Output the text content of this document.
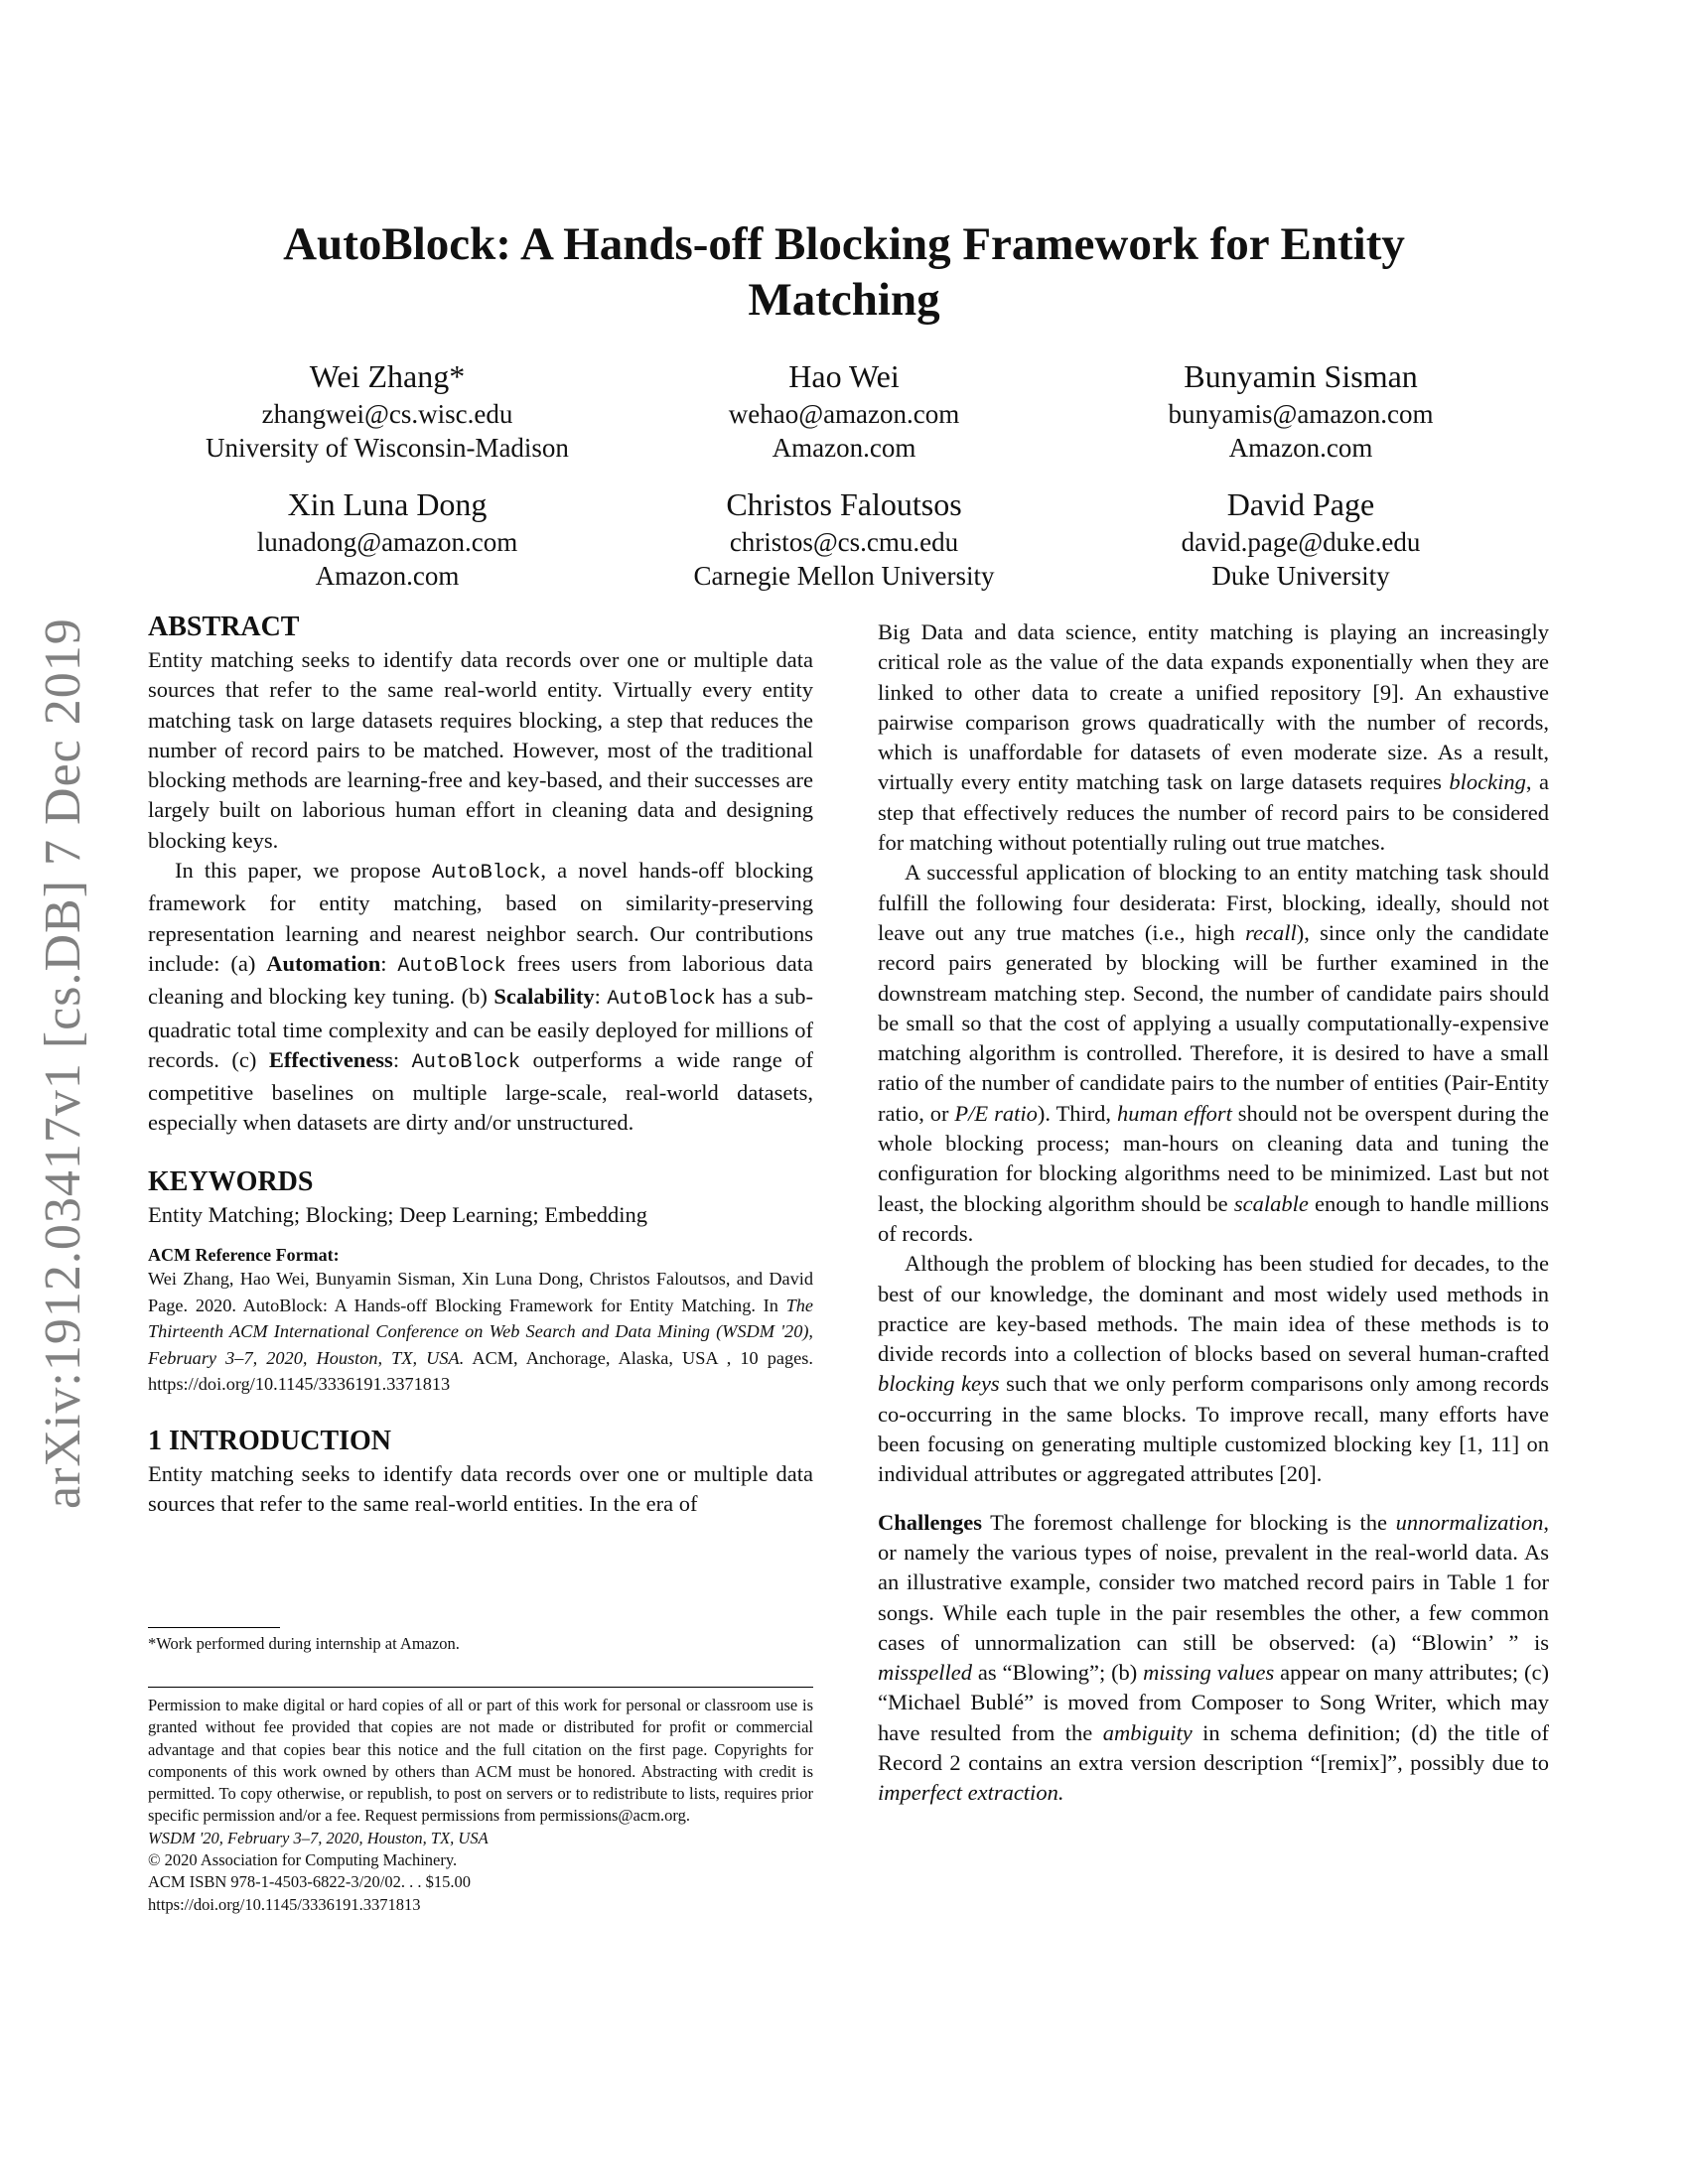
arXiv:1912.03417v1 [cs.DB] 7 Dec 2019
AutoBlock: A Hands-off Blocking Framework for Entity Matching
Wei Zhang*
zhangwei@cs.wisc.edu
University of Wisconsin-Madison
Hao Wei
wehao@amazon.com
Amazon.com
Bunyamin Sisman
bunyamis@amazon.com
Amazon.com
Xin Luna Dong
lunadong@amazon.com
Amazon.com
Christos Faloutsos
christos@cs.cmu.edu
Carnegie Mellon University
David Page
david.page@duke.edu
Duke University
ABSTRACT

Entity matching seeks to identify data records over one or multiple data sources that refer to the same real-world entity. Virtually every entity matching task on large datasets requires blocking, a step that reduces the number of record pairs to be matched. However, most of the traditional blocking methods are learning-free and key-based, and their successes are largely built on laborious human effort in cleaning data and designing blocking keys.

In this paper, we propose AutoBlock, a novel hands-off blocking framework for entity matching, based on similarity-preserving representation learning and nearest neighbor search. Our contributions include: (a) Automation: AutoBlock frees users from laborious data cleaning and blocking key tuning. (b) Scalability: AutoBlock has a sub-quadratic total time complexity and can be easily deployed for millions of records. (c) Effectiveness: AutoBlock outperforms a wide range of competitive baselines on multiple large-scale, real-world datasets, especially when datasets are dirty and/or unstructured.

KEYWORDS

Entity Matching; Blocking; Deep Learning; Embedding

ACM Reference Format:

Wei Zhang, Hao Wei, Bunyamin Sisman, Xin Luna Dong, Christos Faloutsos, and David Page. 2020. AutoBlock: A Hands-off Blocking Framework for Entity Matching. In The Thirteenth ACM International Conference on Web Search and Data Mining (WSDM '20), February 3–7, 2020, Houston, TX, USA. ACM, Anchorage, Alaska, USA , 10 pages. https://doi.org/10.1145/3336191.3371813

1 INTRODUCTION

Entity matching seeks to identify data records over one or multiple data sources that refer to the same real-world entities. In the era of

*Work performed during internship at Amazon.
Permission to make digital or hard copies of all or part of this work for personal or classroom use is granted without fee provided that copies are not made or distributed for profit or commercial advantage and that copies bear this notice and the full citation on the first page. Copyrights for components of this work owned by others than ACM must be honored. Abstracting with credit is permitted. To copy otherwise, or republish, to post on servers or to redistribute to lists, requires prior specific permission and/or a fee. Request permissions from permissions@acm.org.
WSDM '20, February 3–7, 2020, Houston, TX, USA
© 2020 Association for Computing Machinery.
ACM ISBN 978-1-4503-6822-3/20/02. . . $15.00
https://doi.org/10.1145/3336191.3371813

Big Data and data science, entity matching is playing an increasingly critical role as the value of the data expands exponentially when they are linked to other data to create a unified repository [9]. An exhaustive pairwise comparison grows quadratically with the number of records, which is unaffordable for datasets of even moderate size. As a result, virtually every entity matching task on large datasets requires blocking, a step that effectively reduces the number of record pairs to be considered for matching without potentially ruling out true matches.

A successful application of blocking to an entity matching task should fulfill the following four desiderata: First, blocking, ideally, should not leave out any true matches (i.e., high recall), since only the candidate record pairs generated by blocking will be further examined in the downstream matching step. Second, the number of candidate pairs should be small so that the cost of applying a usually computationally-expensive matching algorithm is controlled. Therefore, it is desired to have a small ratio of the number of candidate pairs to the number of entities (Pair-Entity ratio, or P/E ratio). Third, human effort should not be overspent during the whole blocking process; man-hours on cleaning data and tuning the configuration for blocking algorithms need to be minimized. Last but not least, the blocking algorithm should be scalable enough to handle millions of records.

Although the problem of blocking has been studied for decades, to the best of our knowledge, the dominant and most widely used methods in practice are key-based methods. The main idea of these methods is to divide records into a collection of blocks based on several human-crafted blocking keys such that we only perform comparisons only among records co-occurring in the same blocks. To improve recall, many efforts have been focusing on generating multiple customized blocking key [1, 11] on individual attributes or aggregated attributes [20].

Challenges The foremost challenge for blocking is the unnormalization, or namely the various types of noise, prevalent in the real-world data. As an illustrative example, consider two matched record pairs in Table 1 for songs. While each tuple in the pair resembles the other, a few common cases of unnormalization can still be observed: (a) “Blowin’ ” is misspelled as “Blowing”; (b) missing values appear on many attributes; (c) “Michael Bublé” is moved from Composer to Song Writer, which may have resulted from the ambiguity in schema definition; (d) the title of Record 2 contains an extra version description “[remix]”, possibly due to imperfect extraction.
